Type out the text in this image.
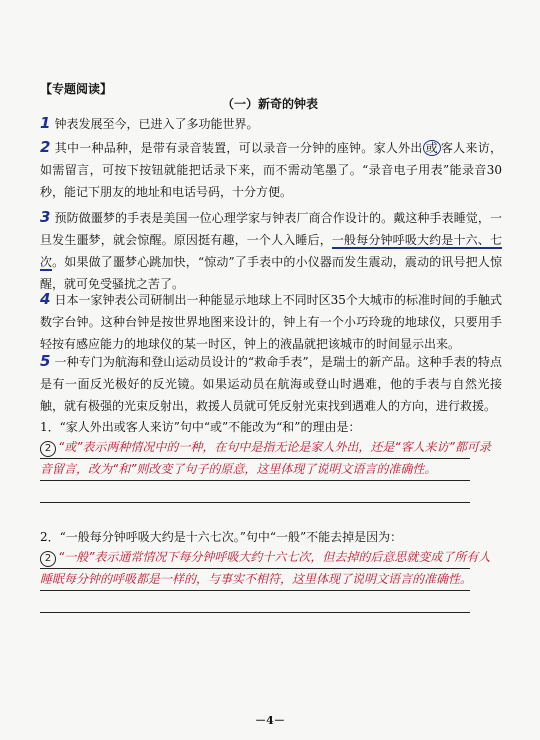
【专题阅读】
（一）新奇的钟表
1 钟表发展至今，已进入了多功能世界。
2 其中一种品种，是带有录音装置，可以录音一分钟的座钟。家人外出 或 客人来访，如需留言，可按下按钮就能把话录下来，而不需动笔墨了。“录音电子用表”能录音30秒，能记下朋友的地址和电话号码，十分方便。
3 预防做噩梦的手表是美国一位心理学家与钟表厂商合作设计的。戴这种手表睡觉，一旦发生噩梦，就会惊醒。原因挺有趣，一个人入睡后，一般每分钟呼吸大约是十六、七次。如果做了噩梦心跳加快，“惊动”了手表中的小仪器而发生震动，震动的讯号把人惊醒，就可免受骚扰之苦了。
4 日本一家钟表公司研制出一种能显示地球上不同时区35个大城市的标准时间的手触式数字台钟。这种台钟是按世界地图来设计的，钟上有一个小巧玲珑的地球仪，只要用手轻按有感应能力的地球仪的某一时区，钟上的液晶就把该城市的时间显示出来。
5 一种专门为航海和登山运动员设计的“救命手表”，是瑞士的新产品。这种手表的特点是有一面反光极好的反光镜。如果运动员在航海或登山时遇难，他的手表与自然光接触，就有极强的光束反射出，救援人员就可凭反射光束找到遇难人的方向，进行救援。
1．“家人外出或客人来访”句中“或”不能改为“和”的理由是：
2 “或”表示两种情况中的一种，在句中是指无论是家人外出，还是“客人来访”都可录音留言，改为“和”则改变了句子的原意，这里体现了说明文语言的准确性。
2．“一般每分钟呼吸大约是十六七次。”句中“一般”不能去掉是因为：
2 “一般”表示通常情况下每分钟呼吸大约十六七次，但去掉的后意思就变成了所有人睡眠每分钟的呼吸都是一样的，与事实不相符，这里体现了说明文语言的准确性。
－4－
